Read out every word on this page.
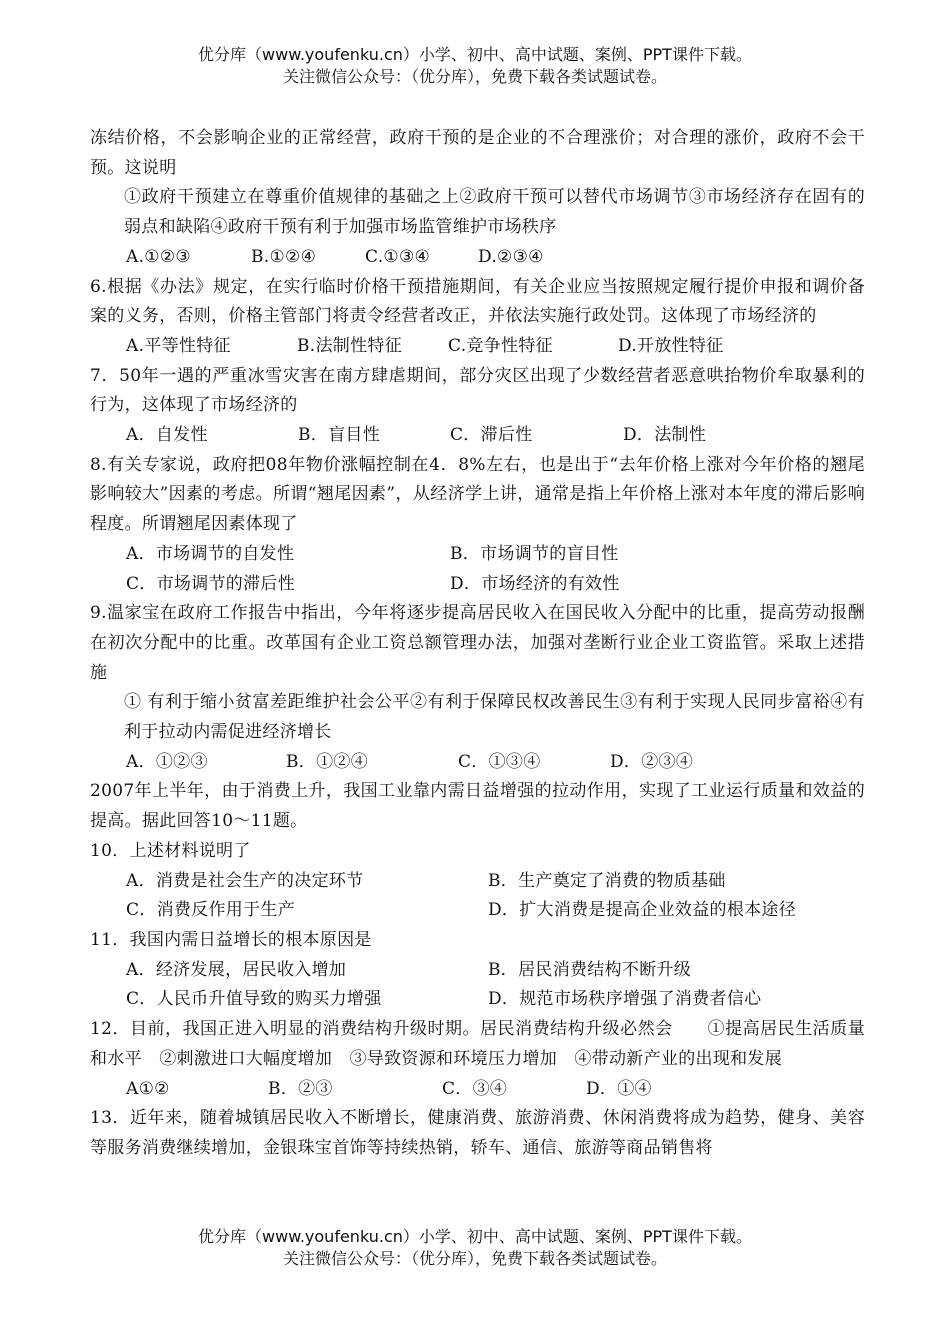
优分库（www.youfenku.cn）小学、初中、高中试题、案例、PPT课件下载。
关注微信公众号：（优分库），免费下载各类试题试卷。

冻结价格，不会影响企业的正常经营，政府干预的是企业的不合理涨价；对合理的涨价，政府不会干预。这说明

①政府干预建立在尊重价值规律的基础之上②政府干预可以替代市场调节③市场经济存在固有的弱点和缺陷④政府干预有利于加强市场监管维护市场秩序

A.①②③	B.①②④	C.①③④	D.②③④

6.根据《办法》规定，在实行临时价格干预措施期间，有关企业应当按照规定履行提价申报和调价备案的义务，否则，价格主管部门将责令经营者改正，并依法实施行政处罚。这体现了市场经济的

A.平等性特征	B.法制性特征	C.竞争性特征	D.开放性特征

7．50年一遇的严重冰雪灾害在南方肆虐期间，部分灾区出现了少数经营者恶意哄抬物价牟取暴利的行为，这体现了市场经济的

A．自发性	B．盲目性	C．滞后性	D．法制性

8.有关专家说，政府把08年物价涨幅控制在4．8%左右，也是出于“去年价格上涨对今年价格的翘尾影响较大”因素的考虑。所谓“翘尾因素”，从经济学上讲，通常是指上年价格上涨对本年度的滞后影响程度。所谓翘尾因素体现了

A．市场调节的自发性	B．市场调节的盲目性
C．市场调节的滞后性	D．市场经济的有效性

9.温家宝在政府工作报告中指出，今年将逐步提高居民收入在国民收入分配中的比重，提高劳动报酬在初次分配中的比重。改革国有企业工资总额管理办法，加强对垄断行业企业工资监管。采取上述措施

① 有利于缩小贫富差距维护社会公平②有利于保障民权改善民生③有利于实现人民同步富裕④有利于拉动内需促进经济增长

A．①②③	B．①②④	C．①③④	D．②③④

2007年上半年，由于消费上升，我国工业靠内需日益增强的拉动作用，实现了工业运行质量和效益的提高。据此回答10～11题。

10．上述材料说明了

A．消费是社会生产的决定环节	B．生产奠定了消费的物质基础
C．消费反作用于生产	D．扩大消费是提高企业效益的根本途径

11．我国内需日益增长的根本原因是

A．经济发展，居民收入增加	B．居民消费结构不断升级
C．人民币升值导致的购买力增强	D．规范市场秩序增强了消费者信心

12．目前，我国正进入明显的消费结构升级时期。居民消费结构升级必然会　　①提高居民生活质量和水平　②刺激进口大幅度增加　③导致资源和环境压力增加　④带动新产业的出现和发展

A①②	B．②③	C．③④	D．①④

13．近年来，随着城镇居民收入不断增长，健康消费、旅游消费、休闲消费将成为趋势，健身、美容等服务消费继续增加，金银珠宝首饰等持续热销，轿车、通信、旅游等商品销售将

优分库（www.youfenku.cn）小学、初中、高中试题、案例、PPT课件下载。
关注微信公众号：（优分库），免费下载各类试题试卷。
